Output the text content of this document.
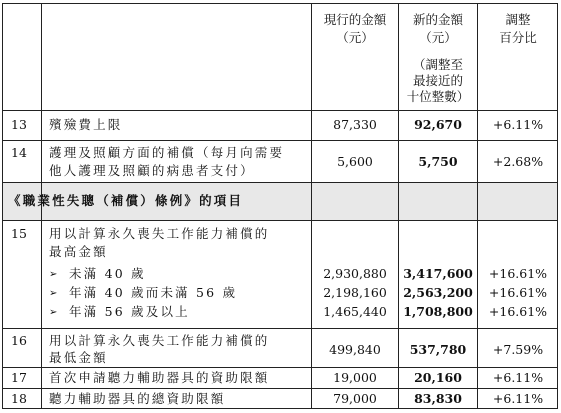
現行的金額
（元）
新的金額
（元）
（調整至
最接近的
十位整數）
調整
百分比
13 殯殮費上限	87,330	92,670	+6.11%
14 護理及照顧方面的補償（每月向需要
他人護理及照顧的病患者支付）
5,600	5,750	+2.68%
《職業性失聰（補償）條例》的項目
15 用以計算永久喪失工作能力補償的
最高金額
➢ 未滿 40 歲	2,930,880	3,417,600	+16.61%
➢ 年滿 40 歲而未滿 56 歲	2,198,160	2,563,200	+16.61%
➢ 年滿 56 歲及以上	1,465,440	1,708,800	+16.61%
16 用以計算永久喪失工作能力補償的
最低金額
499,840	537,780	+7.59%
17 首次申請聽力輔助器具的資助限額	19,000	20,160	+6.11%
18 聽力輔助器具的總資助限額	79,000	83,830	+6.11%
